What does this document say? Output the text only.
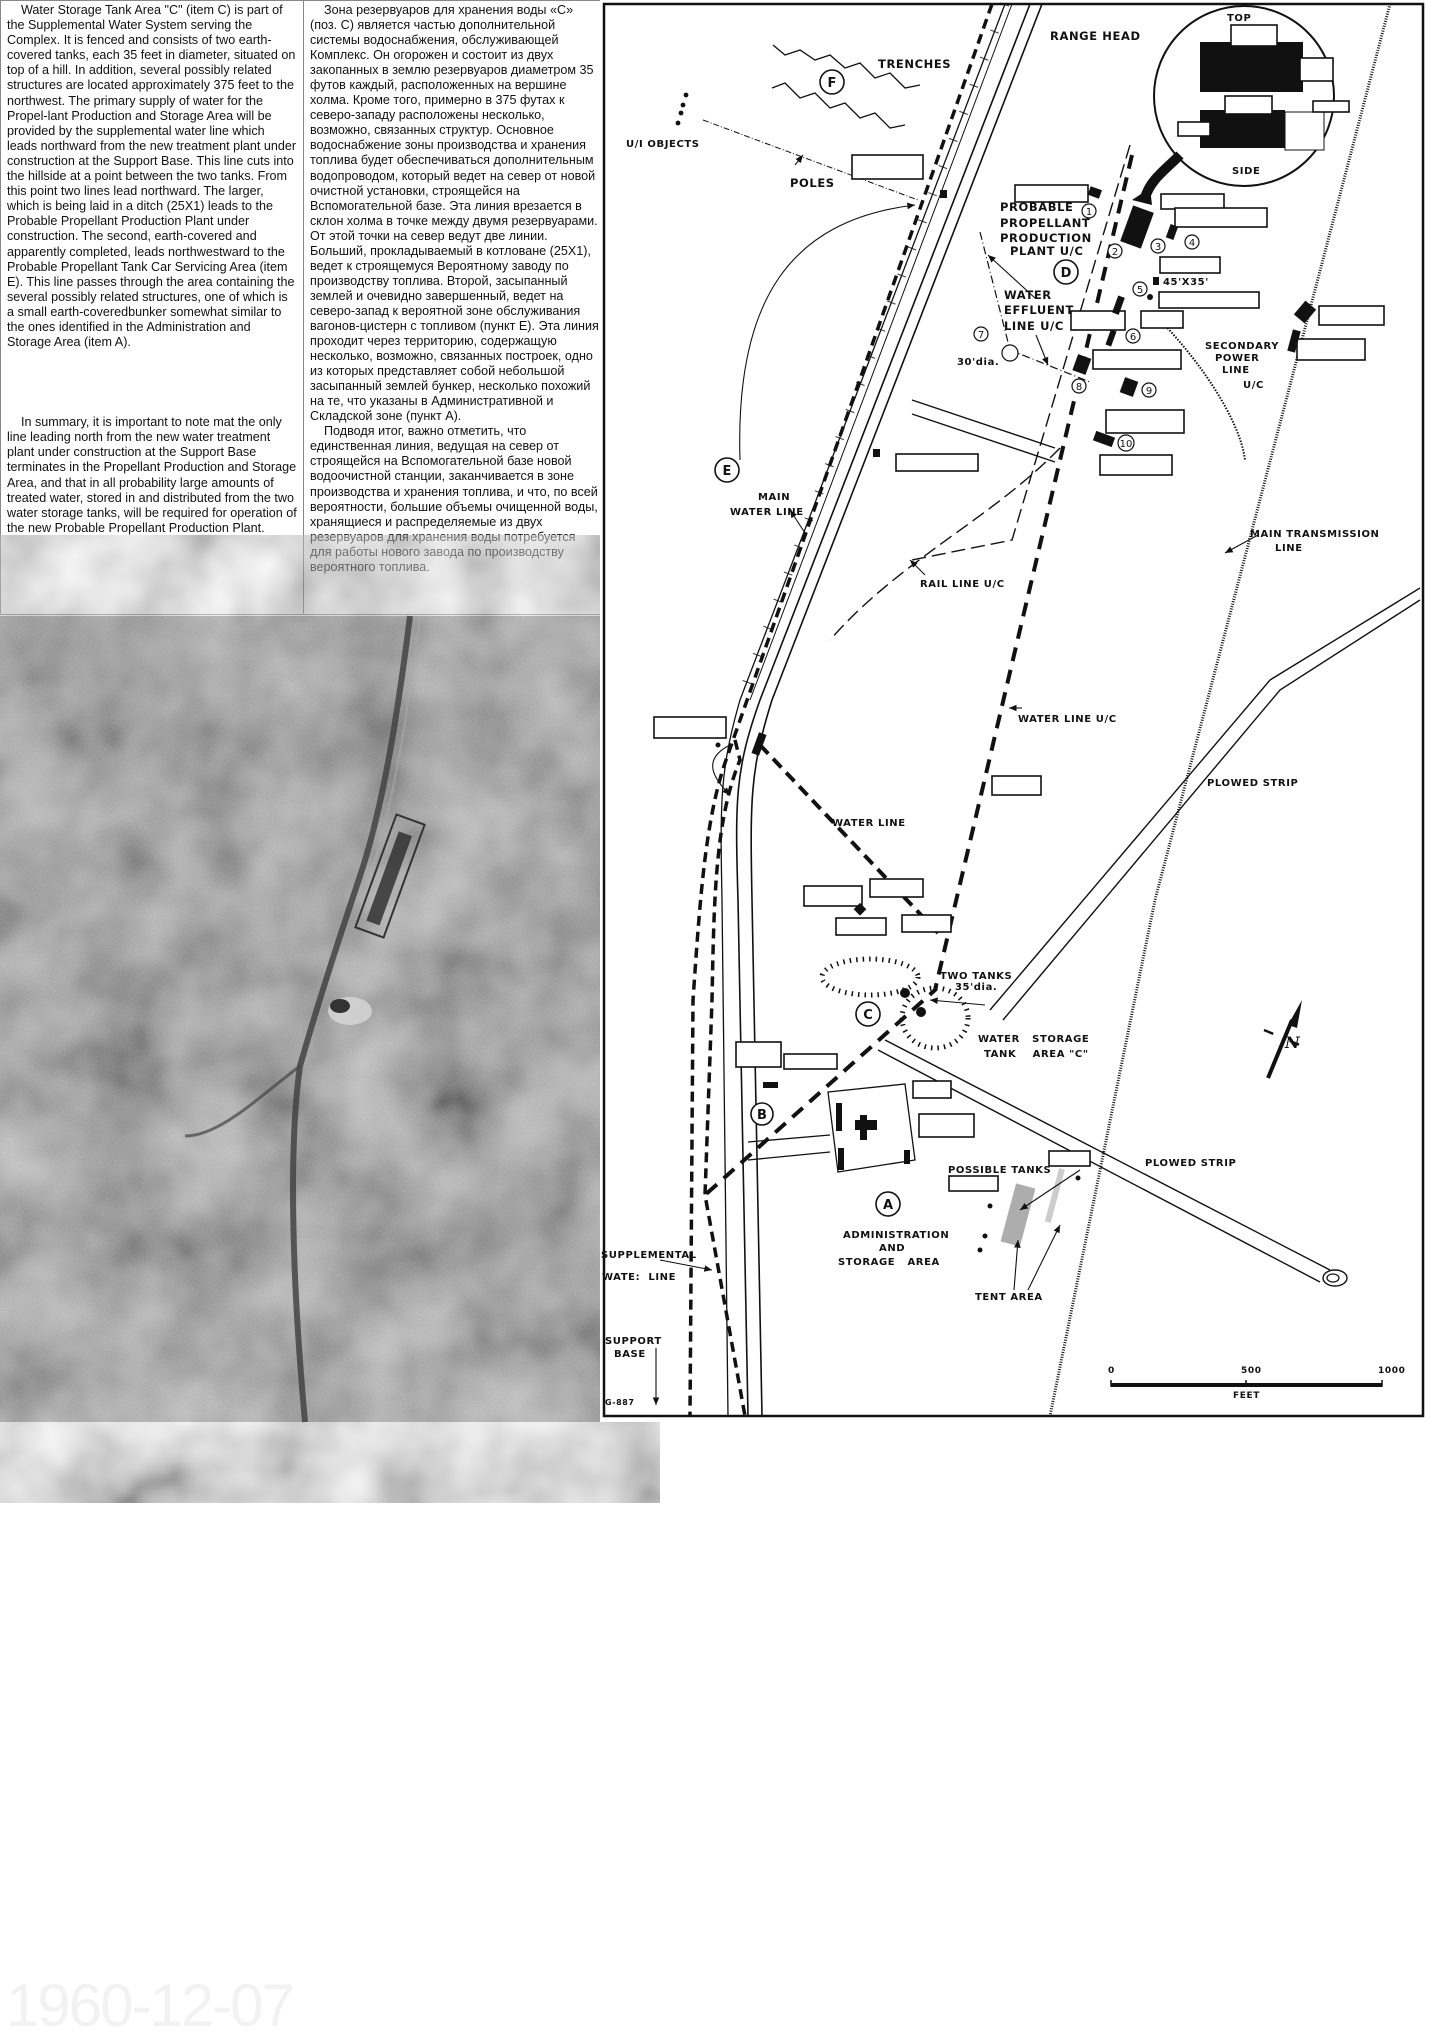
Water Storage Tank Area "C" (item C) is part of the Supplemental Water System serving the Complex. It is fenced and consists of two earth-covered tanks, each 35 feet in diameter, situated on top of a hill. In addition, several possibly related structures are located approximately 375 feet to the northwest. The primary supply of water for the Propel-lant Production and Storage Area will be provided by the supplemental water line which leads northward from the new treatment plant under construction at the Support Base. This line cuts into the hillside at a point between the two tanks. From this point two lines lead northward. The larger, which is being laid in a ditch (25X1) leads to the Probable Propellant Production Plant under construction. The second, earth-covered and apparently completed, leads northwestward to the Probable Propellant Tank Car Servicing Area (item E). This line passes through the area containing the several possibly related structures, one of which is a small earth-coveredbunker somewhat similar to the ones identified in the Administration and Storage Area (item A).

In summary, it is important to note mat the only line leading north from the new water treatment plant under construction at the Support Base terminates in the Propellant Production and Storage Area, and that in all probability large amounts of treated water, stored in and distributed from the two water storage tanks, will be required for operation of the new Probable Propellant Production Plant.

Зона резервуаров для хранения воды «С» (поз. С) является частью дополнительной системы водоснабжения, обслуживающей Комплекс. Он огорожен и состоит из двух закопанных в землю резервуаров диаметром 35 футов каждый, расположенных на вершине холма. Кроме того, примерно в 375 футах к северо-западу расположены несколько, возможно, связанных структур. Основное водоснабжение зоны производства и хранения топлива будет обеспечиваться дополнительным водопроводом, который ведет на север от новой очистной установки, строящейся на Вспомогательной базе. Эта линия врезается в склон холма в точке между двумя резервуарами. От этой точки на север ведут две линии. Больший, прокладываемый в котловане (25X1), ведет к строящемуся Вероятному заводу по производству топлива. Второй, засыпанный землей и очевидно завершенный, ведет на северо-запад к вероятной зоне обслуживания вагонов-цистерн с топливом (пункт Е). Эта линия проходит через территорию, содержащую несколько, возможно, связанных построек, одно из которых представляет собой небольшой засыпанный землей бункер, несколько похожий на те, что указаны в Административной и Складской зоне (пункт А).

Подводя итог, важно отметить, что единственная линия, ведущая на север от строящейся на Вспомогательной базе новой водоочистной станции, заканчивается в зоне производства и хранения топлива, и что, по всей вероятности, большие объемы очищенной воды, хранящиеся и распределяемые из двух резервуаров для хранения воды потребуется для работы нового завода по производству вероятного топлива.

1960-12-07
F
D
E
C
B
A
1
2	3	4
5
6
7
8	9
10
RANGE HEAD
TRENCHES
U/I OBJECTS
POLES
TOP
SIDE
PROBABLE
PROPELLANT
PRODUCTION
PLANT U/C
WATER
EFFLUENT
LINE U/C
30'dia.
45'X35'
SECONDARY
POWER
LINE
U/C
MAIN
WATER LINE
RAIL LINE U/C
MAIN TRANSMISSION
LINE
WATER LINE U/C
PLOWED STRIP
WATER LINE
TWO TANKS
35'dia.
WATER   STORAGE
TANK    AREA "C"
PLOWED STRIP
POSSIBLE TANKS
ADMINISTRATION
AND
STORAGE   AREA
TENT AREA
SUPPLEMENTAL
WATE:  LINE
SUPPORT
BASE
G-887
N
0	500	1000
FEET
